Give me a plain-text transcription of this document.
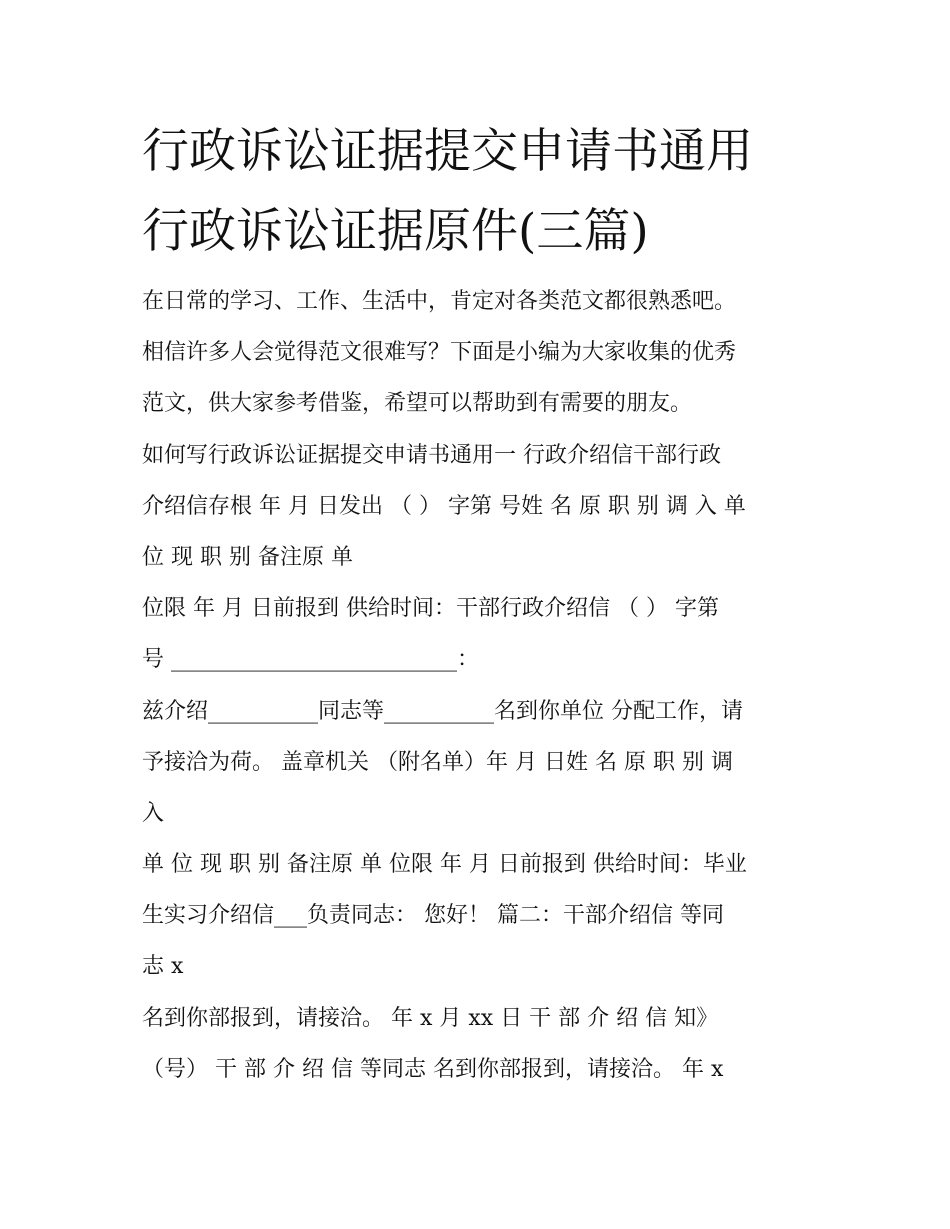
行政诉讼证据提交申请书通用
行政诉讼证据原件(三篇)
在日常的学习、工作、生活中，肯定对各类范文都很熟悉吧。
相信许多人会觉得范文很难写？下面是小编为大家收集的优秀
范文，供大家参考借鉴，希望可以帮助到有需要的朋友。
如何写行政诉讼证据提交申请书通用一 行政介绍信干部行政
介绍信存根 年 月 日发出 （ ） 字第 号姓 名 原 职 别 调 入 单
位 现 职 别 备注原 单
位限 年 月 日前报到 供给时间：干部行政介绍信 （ ） 字第
号 __________________________：
兹介绍__________同志等__________名到你单位 分配工作，请
予接洽为荷。 盖章机关 （附名单）年 月 日姓 名 原 职 别 调
入
单 位 现 职 别 备注原 单 位限 年 月 日前报到 供给时间：毕业
生实习介绍信___负责同志： 您好！ 篇二：干部介绍信 等同
志 x
名到你部报到，请接洽。 年 x 月 xx 日 干 部 介 绍 信 知》
（号） 干 部 介 绍 信 等同志 名到你部报到，请接洽。 年 x
